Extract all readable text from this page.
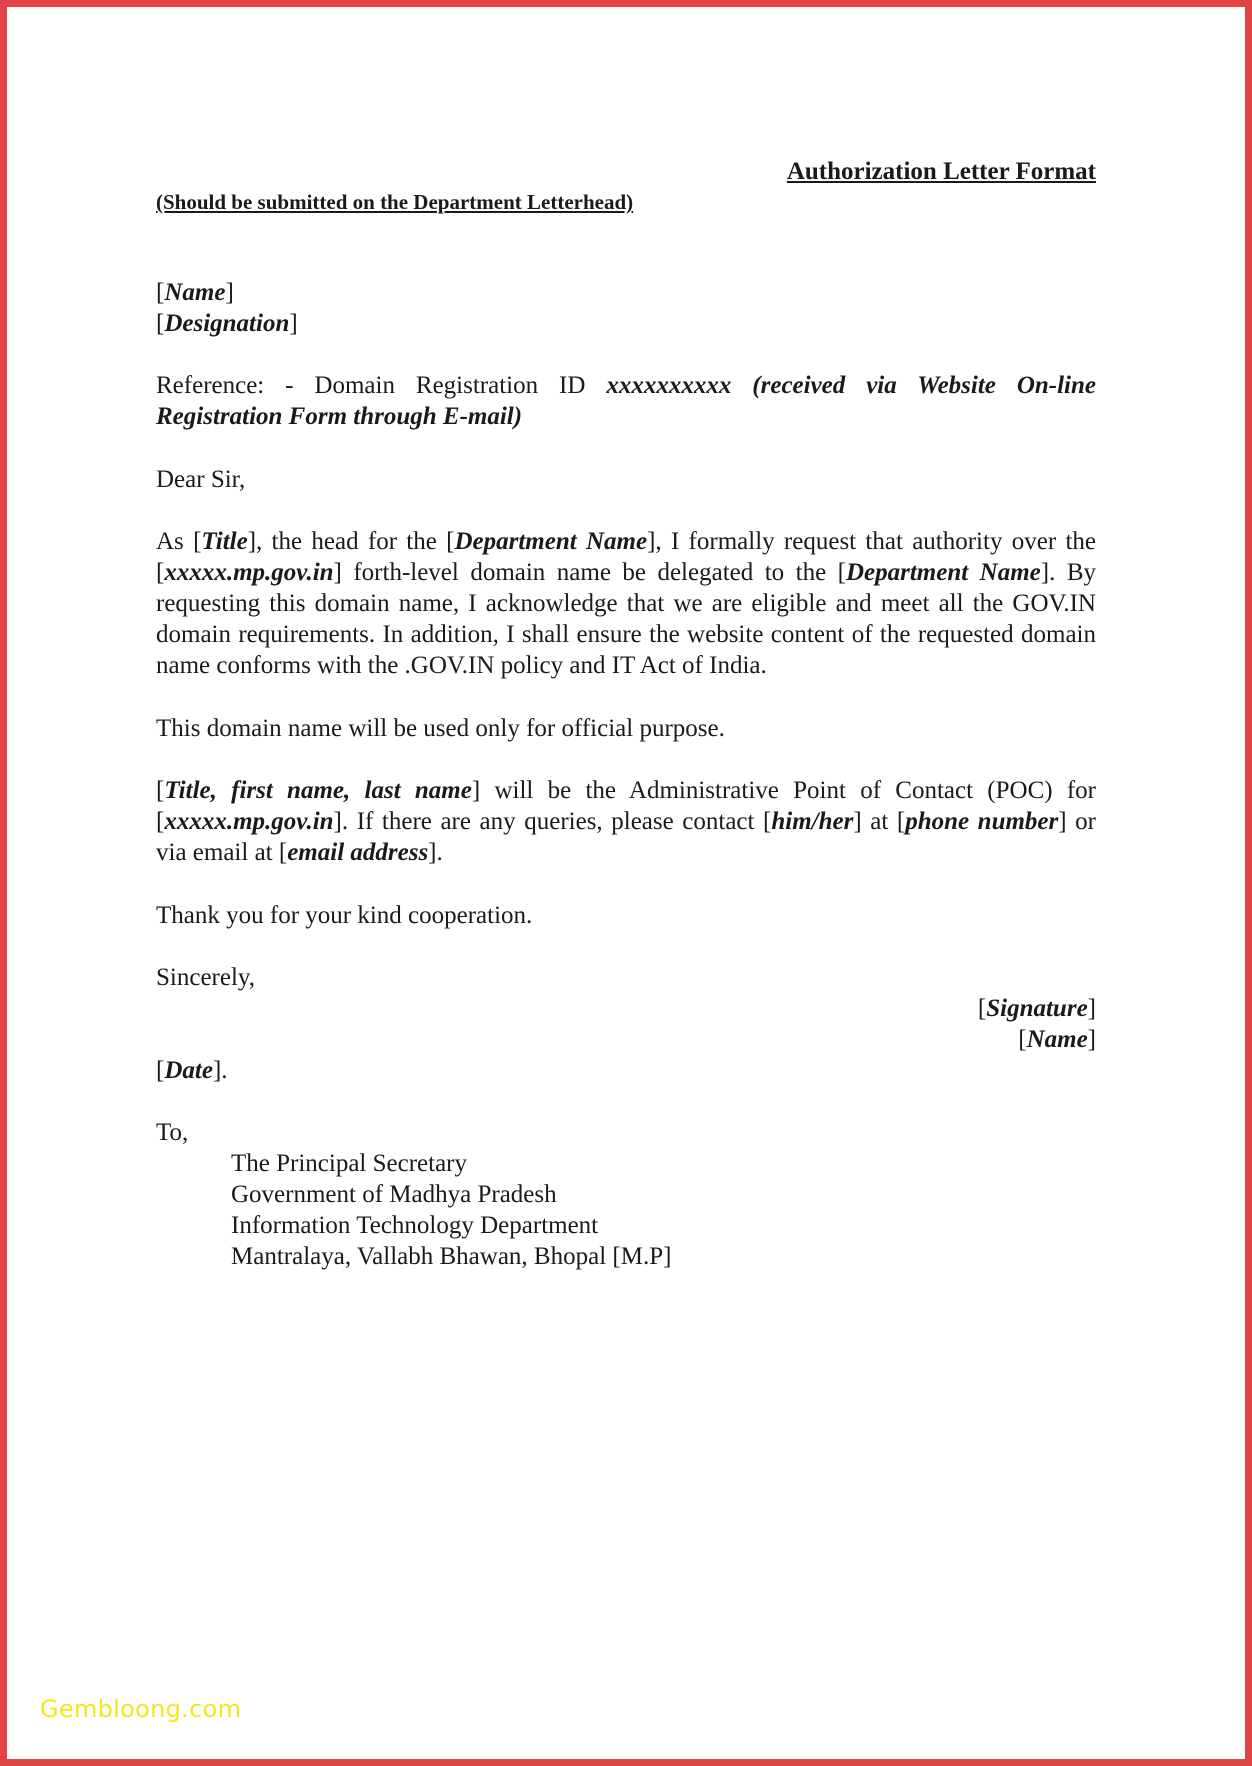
Authorization Letter Format
(Should be submitted on the Department Letterhead)
[Name]
[Designation]
Reference: - Domain Registration ID xxxxxxxxxx (received via Website On-line Registration Form through E-mail)
Dear Sir,
As [Title], the head for the [Department Name], I formally request that authority over the [xxxxx.mp.gov.in] forth-level domain name be delegated to the [Department Name]. By requesting this domain name, I acknowledge that we are eligible and meet all the GOV.IN domain requirements. In addition, I shall ensure the website content of the requested domain name conforms with the .GOV.IN policy and IT Act of India.
This domain name will be used only for official purpose.
[Title, first name, last name] will be the Administrative Point of Contact (POC) for [xxxxx.mp.gov.in]. If there are any queries, please contact [him/her] at [phone number] or via email at [email address].
Thank you for your kind cooperation.
Sincerely,
[Signature]
[Name]
[Date].
To,
The Principal Secretary
Government of Madhya Pradesh
Information Technology Department
Mantralaya, Vallabh Bhawan, Bhopal [M.P]
Gembloong.com
